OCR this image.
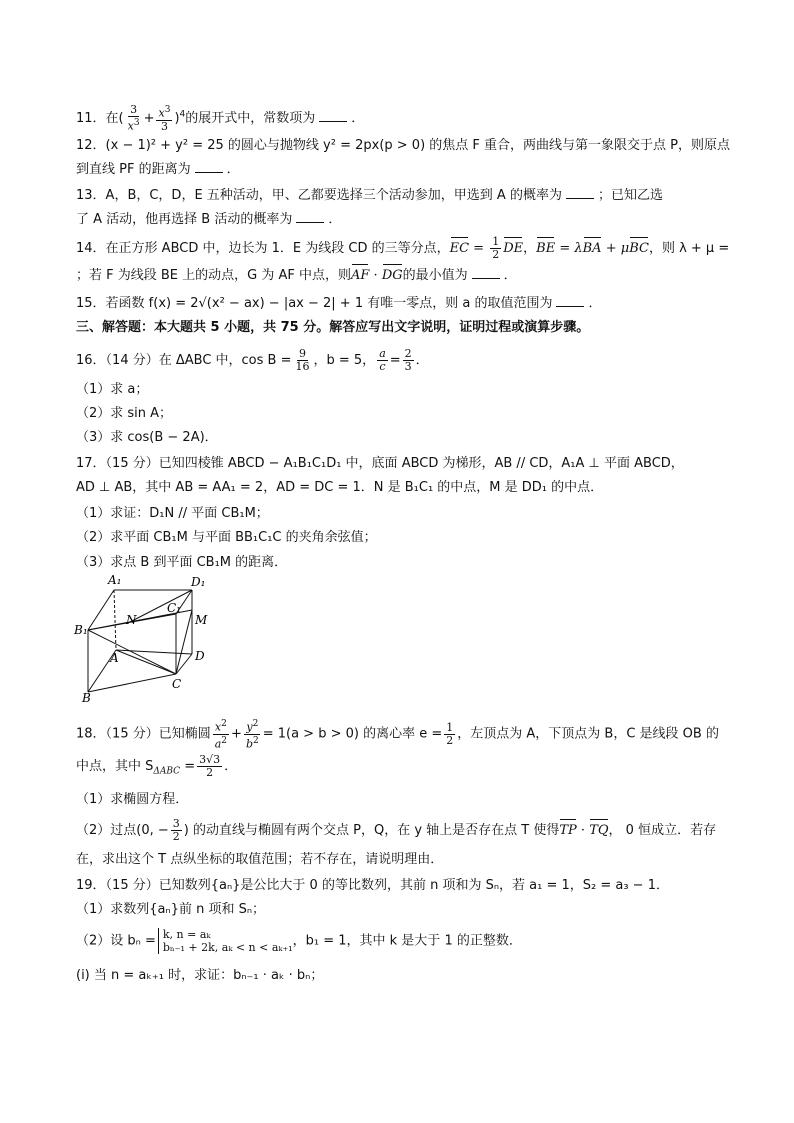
11．在( $\frac{3}{x^3} + \frac{x^3}{3} )^4$的展开式中，常数项为	．
12．(x − 1)² + y² = 25 的圆心与抛物线 y² = 2px(p > 0) 的焦点 F 重合，两曲线与第一象限交于点 P，则原点
到直线 PF 的距离为	．
13．A，B，C，D，E 五种活动，甲、乙都要选择三个活动参加，甲选到 A 的概率为	；已知乙选
了 A 活动，他再选择 B 活动的概率为	．
14．在正方形 ABCD 中，边长为 1．E 为线段 CD 的三等分点，EC = $\frac{1}{2}$ DE，BE = λBA + μBC，则 λ + μ =
；若 F 为线段 BE 上的动点，G 为 AF 中点，则AF · DG的最小值为	．
15．若函数 f(x) = 2√(x² − ax) − |ax − 2| + 1 有唯一零点，则 a 的取值范围为	．
三、解答题：本大题共 5 小题，共 75 分。解答应写出文字说明，证明过程或演算步骤。
16．（14 分）在 ΔABC 中，$\cos B = \frac{9}{16}$ ，b = 5， $\frac{a}{c} = \frac{2}{3}$ ．
（1）求 a；
（2）求 sin A；
（3）求 cos(B − 2A)．
17．（15 分）已知四棱锥 ABCD − A₁B₁C₁D₁ 中，底面 ABCD 为梯形，AB // CD，A₁A ⊥ 平面 ABCD，
AD ⊥ AB，其中 AB = AA₁ = 2，AD = DC = 1．N 是 B₁C₁ 的中点，M 是 DD₁ 的中点．
（1）求证：D₁N // 平面 CB₁M；
（2）求平面 CB₁M 与平面 BB₁C₁C 的夹角余弦值；
（3）求点 B 到平面 CB₁M 的距离．
A₁	D₁
C₁
N	M
B₁
A	D
C
B
18．（15 分）已知椭圆 $\frac{x^2}{a^2} + \frac{y^2}{b^2} = 1(a > b > 0)$ 的离心率 $e = \frac{1}{2}$ ，左顶点为 A，下顶点为 B，C 是线段 OB 的
中点，其中 $S_{\Delta ABC} = \frac{3√3}{2}$ ．
（1）求椭圆方程．
（2）过点(0, − $\frac{3}{2}$ ) 的动直线与椭圆有两个交点 P，Q，在 y 轴上是否存在点 T 使得TP · TQ， 0 恒成立．若存
在，求出这个 T 点纵坐标的取值范围；若不存在，请说明理由．
19．（15 分）已知数列{aₙ}是公比大于 0 的等比数列，其前 n 项和为 Sₙ，若 a₁ = 1，S₂ = a₃ − 1．
（1）求数列{aₙ}前 n 项和 Sₙ；
（2）设 bₙ = k, n = aₖ
bₙ₋₁ + 2k, aₖ < n < aₖ₊₁ ，b₁ = 1，其中 k 是大于 1 的正整数．
(i) 当 n = aₖ₊₁ 时，求证：bₙ₋₁ · aₖ · bₙ；
